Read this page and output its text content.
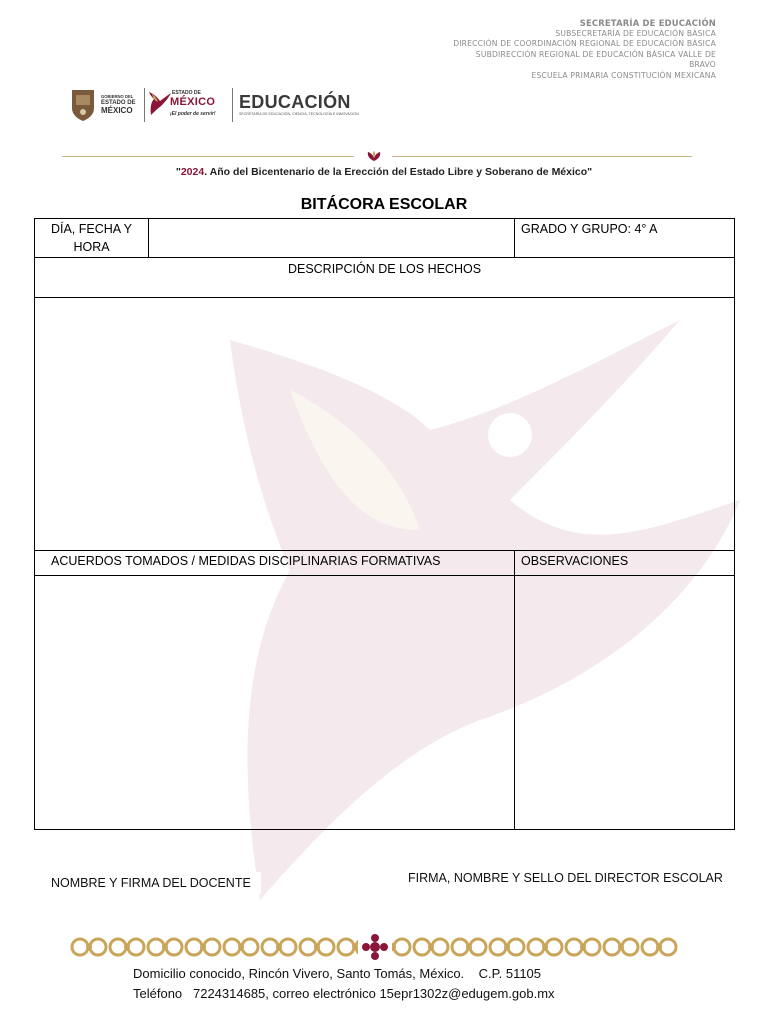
SECRETARÍA DE EDUCACIÓN
SUBSECRETARÍA DE EDUCACIÓN BÁSICA
DIRECCIÓN DE COORDINACIÓN REGIONAL DE EDUCACIÓN BÁSICA
SUBDIRECCIÓN REGIONAL DE EDUCACIÓN BÁSICA VALLE DE
BRAVO
ESCUELA PRIMARIA CONSTITUCIÓN MEXICANA
GOBIERNO DEL
ESTADO DE
MÉXICO
ESTADO DE
MÉXICO
¡El poder de servir!
EDUCACIÓN
SECRETARÍA DE EDUCACIÓN, CIENCIA, TECNOLOGÍA E INNOVACIÓN
"2024. Año del Bicentenario de la Erección del Estado Libre y Soberano de México"
BITÁCORA ESCOLAR
DÍA, FECHA Y
HORA
GRADO Y GRUPO: 4° A
DESCRIPCIÓN DE LOS HECHOS
ACUERDOS TOMADOS / MEDIDAS DISCIPLINARIAS FORMATIVAS	OBSERVACIONES
NOMBRE Y FIRMA DEL DOCENTE	FIRMA, NOMBRE Y SELLO DEL DIRECTOR ESCOLAR
Domicilio conocido, Rincón Vivero, Santo Tomás, México.    C.P. 51105
Teléfono   7224314685, correo electrónico 15epr1302z@edugem.gob.mx
